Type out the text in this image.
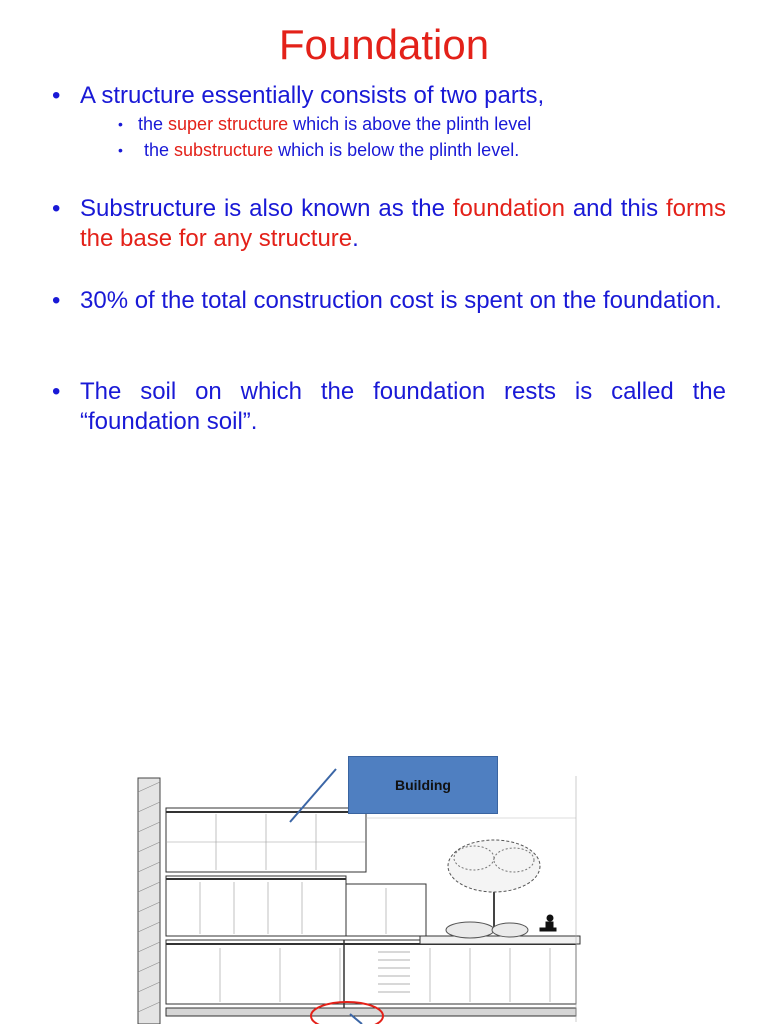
Foundation
• A structure essentially consists of two parts,
• the super structure which is above the plinth level
• the substructure which is below the plinth level.
• Substructure is also known as the foundation and this forms the base for any structure.
• 30% of the total construction cost is spent on the foundation.
• The soil on which the foundation rests is called the “foundation soil”.
Building
